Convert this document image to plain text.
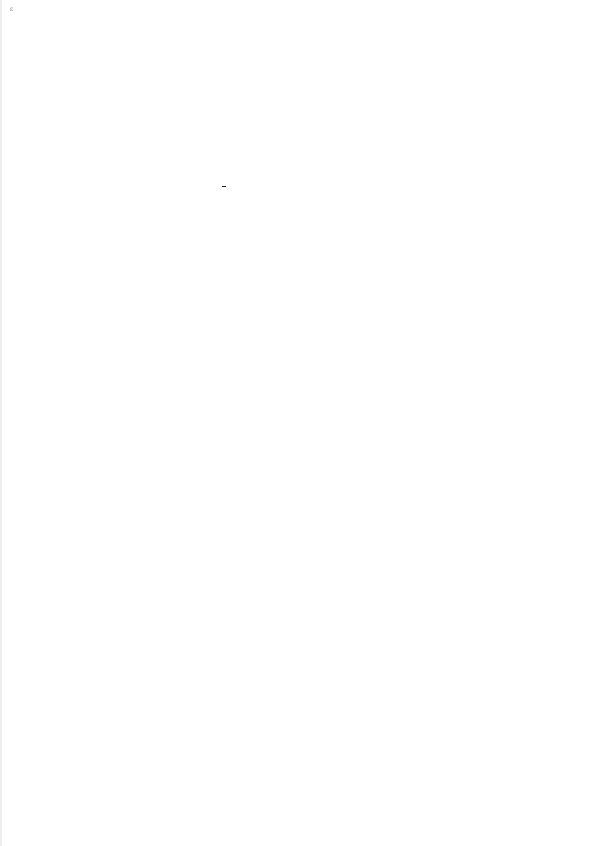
ε
